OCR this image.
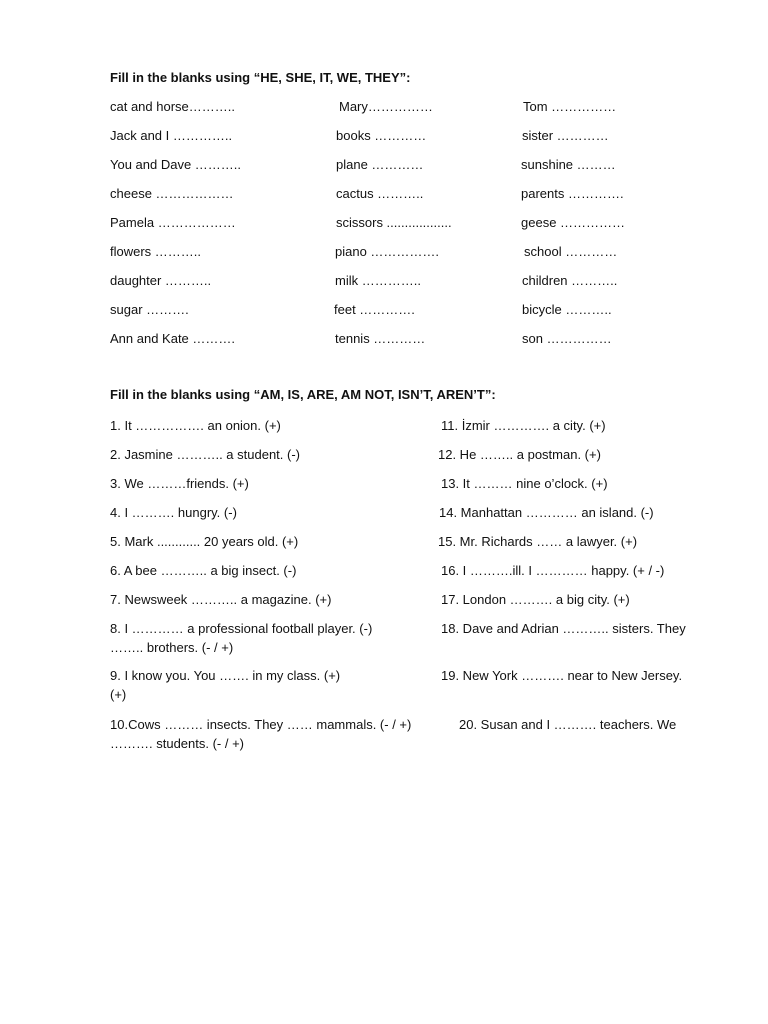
Fill in the blanks using “HE, SHE, IT, WE, THEY”:
cat and horse………..	Mary……………	Tom ……………
Jack and I …………..	books …………	sister …………
You and Dave ………..	plane …………	sunshine ………
cheese ………………	cactus ………..	parents ………….
Pamela ………………	scissors ..................	geese ……………
flowers ………..	piano …………….	school …………
daughter ………..	milk …………..	children ………..
sugar ……….	feet ………….	bicycle ………..
Ann and Kate ……….	tennis …………	son ……………
Fill in the blanks using “AM, IS, ARE, AM NOT, ISN’T, AREN’T”:
1. It ……………. an onion. (+)	11. İzmir …………. a city. (+)
2. Jasmine ……….. a student. (-)	12. He …….. a postman. (+)
3. We ………friends. (+)	13. It ……… nine o’clock. (+)
4. I ………. hungry. (-)	14. Manhattan ………… an island. (-)
5. Mark ............ 20 years old. (+)	15. Mr. Richards …… a lawyer. (+)
6. A bee ……….. a big insect. (-)	16. I ……….ill. I ………… happy. (+ / -)
7. Newsweek ……….. a magazine. (+)	17. London ………. a big city. (+)
8. I ………… a professional football player. (-)	18. Dave and Adrian ……….. sisters. They
…….. brothers. (- / +)
9. I know you. You ……. in my class. (+)	19. New York ………. near to New Jersey.
(+)
10.Cows ……… insects. They …… mammals. (- / +)	20. Susan and I ………. teachers. We
………. students. (- / +)
